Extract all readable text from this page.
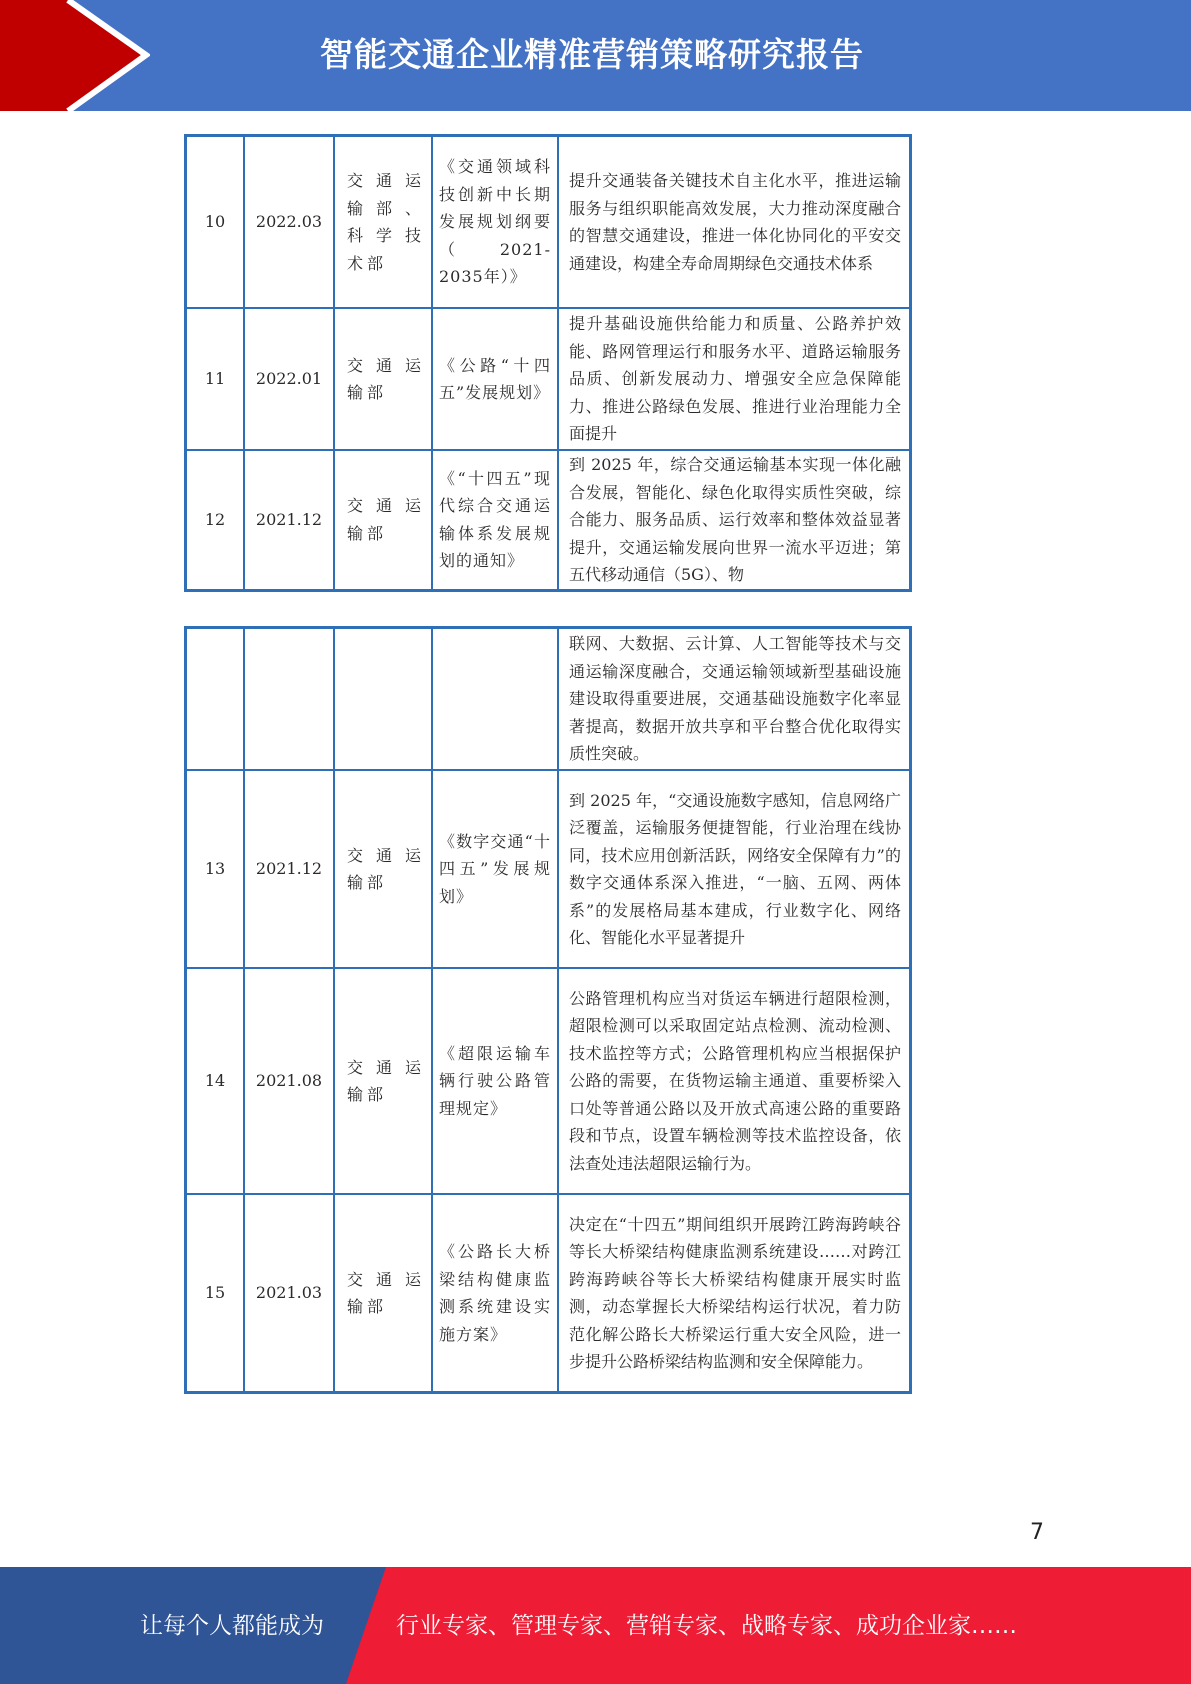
智能交通企业精准营销策略研究报告
10	2022.03	交通运输部、科学技术部	《交通领域科技创新中长期发展规划纲要（2021-2035年）》	提升交通装备关键技术自主化水平，推进运输服务与组织职能高效发展，大力推动深度融合的智慧交通建设，推进一体化协同化的平安交通建设，构建全寿命周期绿色交通技术体系

11	2022.01	交通运输部	《公路“十四五”发展规划》	提升基础设施供给能力和质量、公路养护效能、路网管理运行和服务水平、道路运输服务品质、创新发展动力、增强安全应急保障能力、推进公路绿色发展、推进行业治理能力全面提升

12	2021.12	交通运输部	《“十四五”现代综合交通运输体系发展规划的通知》	到 2025 年，综合交通运输基本实现一体化融合发展，智能化、绿色化取得实质性突破，综合能力、服务品质、运行效率和整体效益显著提升，交通运输发展向世界一流水平迈进；第五代移动通信（5G）、物

				联网、大数据、云计算、人工智能等技术与交通运输深度融合，交通运输领域新型基础设施建设取得重要进展，交通基础设施数字化率显著提高，数据开放共享和平台整合优化取得实质性突破。

13	2021.12	交通运输部	《数字交通“十四五”发展规划》	到 2025 年，“交通设施数字感知，信息网络广泛覆盖，运输服务便捷智能，行业治理在线协同，技术应用创新活跃，网络安全保障有力”的数字交通体系深入推进，“一脑、五网、两体系”的发展格局基本建成，行业数字化、网络化、智能化水平显著提升

14	2021.08	交通运输部	《超限运输车辆行驶公路管理规定》	公路管理机构应当对货运车辆进行超限检测，超限检测可以采取固定站点检测、流动检测、技术监控等方式；公路管理机构应当根据保护公路的需要，在货物运输主通道、重要桥梁入口处等普通公路以及开放式高速公路的重要路段和节点，设置车辆检测等技术监控设备，依法查处违法超限运输行为。

15	2021.03	交通运输部	《公路长大桥梁结构健康监测系统建设实施方案》	决定在“十四五”期间组织开展跨江跨海跨峡谷等长大桥梁结构健康监测系统建设……对跨江跨海跨峡谷等长大桥梁结构健康开展实时监测，动态掌握长大桥梁结构运行状况，着力防范化解公路长大桥梁运行重大安全风险，进一步提升公路桥梁结构监测和安全保障能力。
7
让每个人都能成为	行业专家、管理专家、营销专家、战略专家、成功企业家……
